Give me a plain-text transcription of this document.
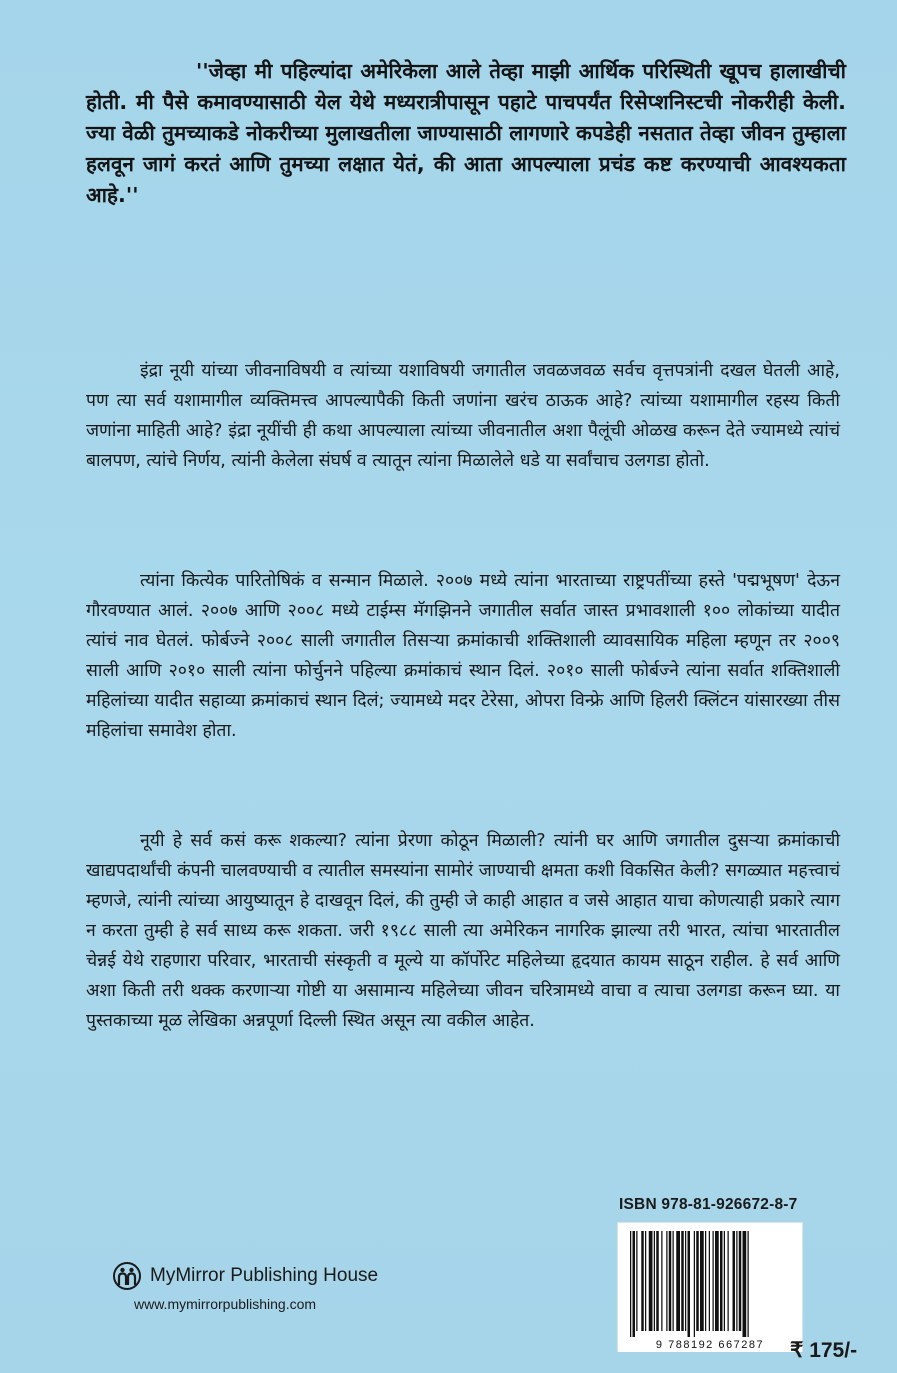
''जेव्हा मी पहिल्यांदा अमेरिकेला आले तेव्हा माझी आर्थिक परिस्थिती खूपच हालाखीची होती. मी पैसे कमावण्यासाठी येल येथे मध्यरात्रीपासून पहाटे पाचपर्यंत रिसेप्शनिस्टची नोकरीही केली. ज्या वेळी तुमच्याकडे नोकरीच्या मुलाखतीला जाण्यासाठी लागणारे कपडेही नसतात तेव्हा जीवन तुम्हाला हलवून जागं करतं आणि तुमच्या लक्षात येतं, की आता आपल्याला प्रचंड कष्ट करण्याची आवश्यकता आहे.''
इंद्रा नूयी यांच्या जीवनाविषयी व त्यांच्या यशाविषयी जगातील जवळजवळ सर्वच वृत्तपत्रांनी दखल घेतली आहे, पण त्या सर्व यशामागील व्यक्तिमत्त्व आपल्यापैकी किती जणांना खरंच ठाऊक आहे? त्यांच्या यशामागील रहस्य किती जणांना माहिती आहे? इंद्रा नूयींची ही कथा आपल्याला त्यांच्या जीवनातील अशा पैलूंची ओळख करून देते ज्यामध्ये त्यांचं बालपण, त्यांचे निर्णय, त्यांनी केलेला संघर्ष व त्यातून त्यांना मिळालेले धडे या सर्वांचाच उलगडा होतो.
त्यांना कित्येक पारितोषिकं व सन्मान मिळाले. २००७ मध्ये त्यांना भारताच्या राष्ट्रपतींच्या हस्ते 'पद्मभूषण' देऊन गौरवण्यात आलं. २००७ आणि २००८ मध्ये टाईम्स मॅगझिनने जगातील सर्वात जास्त प्रभावशाली १०० लोकांच्या यादीत त्यांचं नाव घेतलं. फोर्बज्ने २००८ साली जगातील तिसऱ्या क्रमांकाची शक्तिशाली व्यावसायिक महिला म्हणून तर २००९ साली आणि २०१० साली त्यांना फोर्चुनने पहिल्या क्रमांकाचं स्थान दिलं. २०१० साली फोर्बज्ने त्यांना सर्वात शक्तिशाली महिलांच्या यादीत सहाव्या क्रमांकाचं स्थान दिलं; ज्यामध्ये मदर टेरेसा, ओपरा विन्फ्रे आणि हिलरी क्लिंटन यांसारख्या तीस महिलांचा समावेश होता.
नूयी हे सर्व कसं करू शकल्या? त्यांना प्रेरणा कोठून मिळाली? त्यांनी घर आणि जगातील दुसऱ्या क्रमांकाची खाद्यपदार्थांची कंपनी चालवण्याची व त्यातील समस्यांना सामोरं जाण्याची क्षमता कशी विकसित केली? सगळ्यात महत्त्वाचं म्हणजे, त्यांनी त्यांच्या आयुष्यातून हे दाखवून दिलं, की तुम्ही जे काही आहात व जसे आहात याचा कोणत्याही प्रकारे त्याग न करता तुम्ही हे सर्व साध्य करू शकता. जरी १९८८ साली त्या अमेरिकन नागरिक झाल्या तरी भारत, त्यांचा भारतातील चेन्नई येथे राहणारा परिवार, भारताची संस्कृती व मूल्ये या कॉर्पोरेट महिलेच्या हृदयात कायम साठून राहील. हे सर्व आणि अशा किती तरी थक्क करणाऱ्या गोष्टी या असामान्य महिलेच्या जीवन चरित्रामध्ये वाचा व त्याचा उलगडा करून घ्या. या पुस्तकाच्या मूळ लेखिका अन्नपूर्णा दिल्ली स्थित असून त्या वकील आहेत.
ISBN 978-81-926672-8-7
9 788192 667287	₹ 175/-
MyMirror Publishing House
www.mymirrorpublishing.com
